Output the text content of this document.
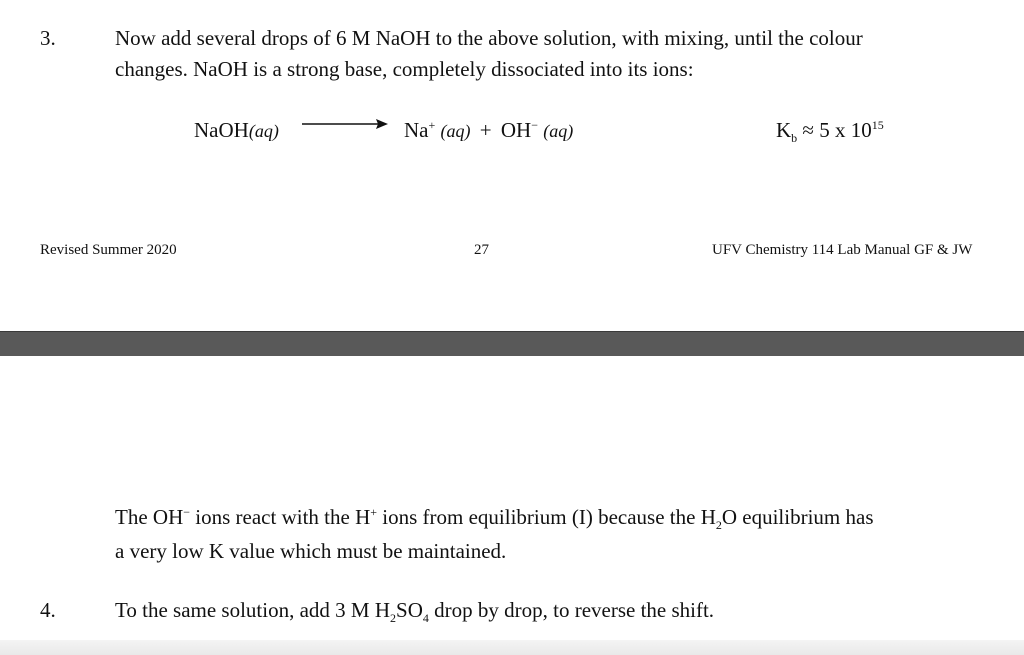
3.	Now add several drops of 6 M NaOH to the above solution, with mixing, until the colour
changes. NaOH is a strong base, completely dissociated into its ions:
NaOH(aq)	Na+ (aq) + OH− (aq)	$K_b \approx 5$ x $10^{15}$
Revised Summer 2020	27	UFV Chemistry 114 Lab Manual GF & JW
The OH− ions react with the H+ ions from equilibrium (I) because the $H_2O$ equilibrium has
a very low K value which must be maintained.
4.	To the same solution, add 3 M $H_2SO_4$ drop by drop, to reverse the shift.
